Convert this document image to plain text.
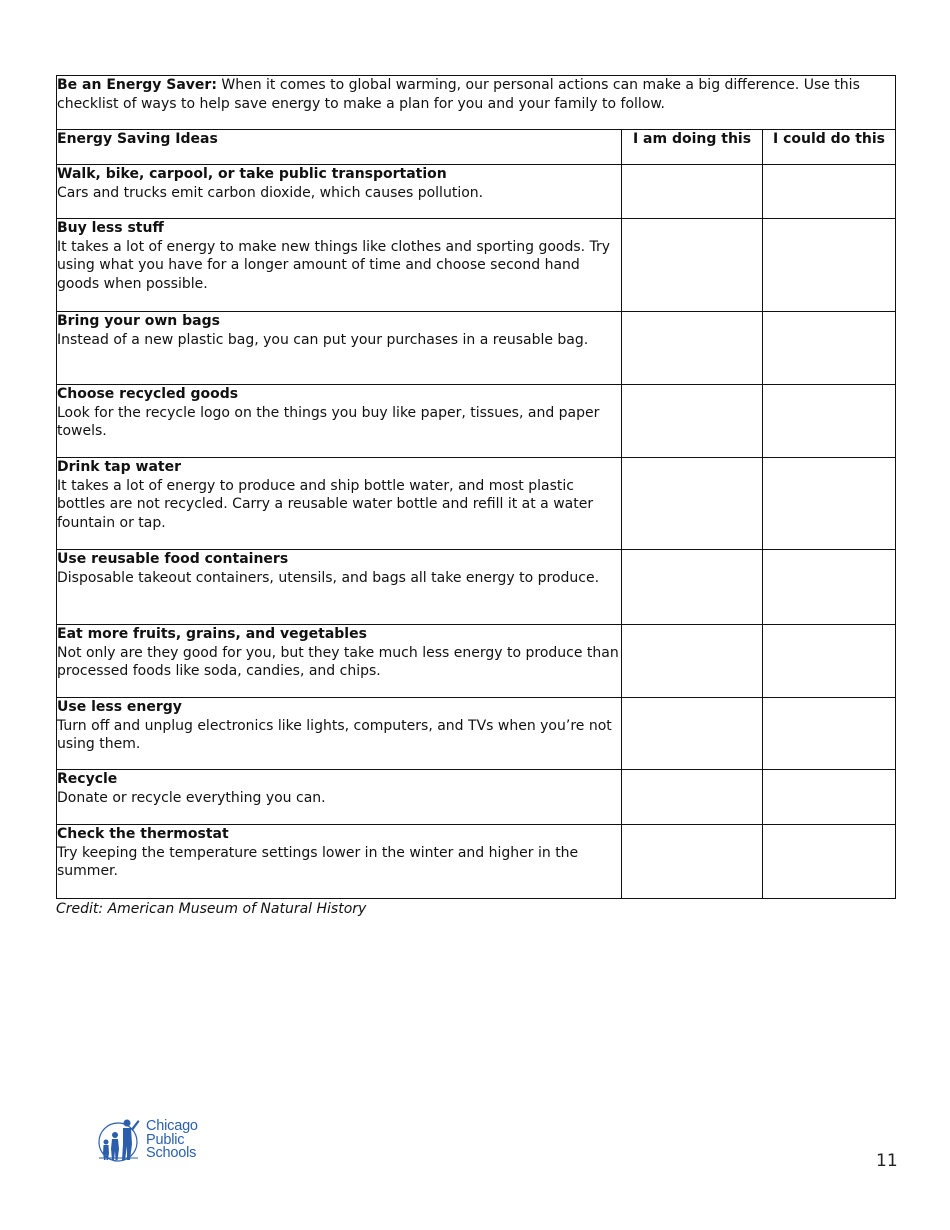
Be an Energy Saver: When it comes to global warming, our personal actions can make a big difference. Use this checklist of ways to help save energy to make a plan for you and your family to follow.		
Energy Saving Ideas	I am doing this	I could do this

Walk, bike, carpool, or take public transportation
Cars and trucks emit carbon dioxide, which causes pollution.		

Buy less stuff
It takes a lot of energy to make new things like clothes and sporting goods. Try using what you have for a longer amount of time and choose second hand goods when possible.		

Bring your own bags
Instead of a new plastic bag, you can put your purchases in a reusable bag.		

Choose recycled goods
Look for the recycle logo on the things you buy like paper, tissues, and paper towels.		

Drink tap water
It takes a lot of energy to produce and ship bottle water, and most plastic bottles are not recycled. Carry a reusable water bottle and refill it at a water fountain or tap.		

Use reusable food containers
Disposable takeout containers, utensils, and bags all take energy to produce.		

Eat more fruits, grains, and vegetables
Not only are they good for you, but they take much less energy to produce than processed foods like soda, candies, and chips.		

Use less energy
Turn off and unplug electronics like lights, computers, and TVs when you’re not using them.		

Recycle
Donate or recycle everything you can.		

Check the thermostat
Try keeping the temperature settings lower in the winter and higher in the summer.		

Credit: American Museum of Natural History
Chicago
Public
Schools	11
